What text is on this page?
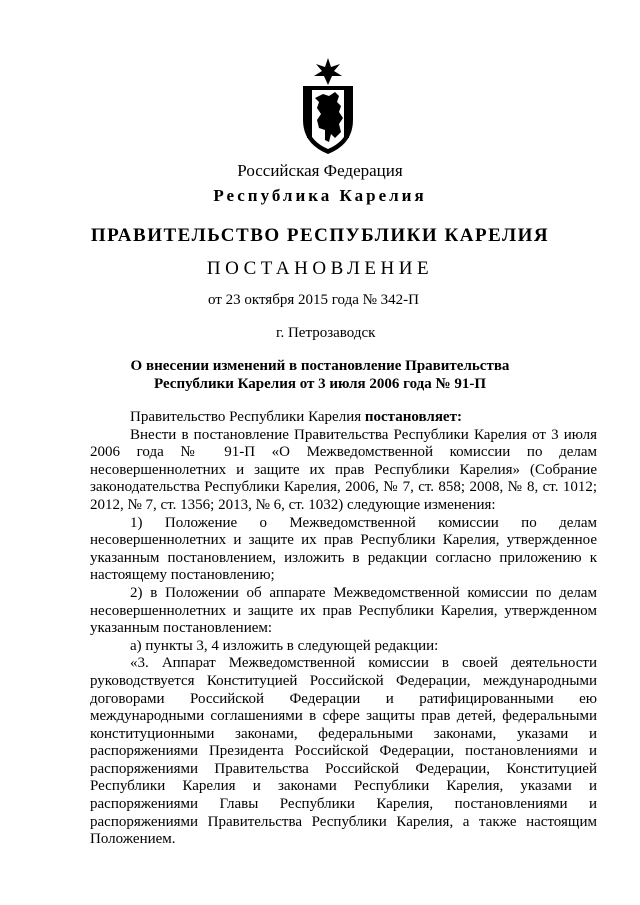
Российская Федерация
Республика Карелия
ПРАВИТЕЛЬСТВО РЕСПУБЛИКИ КАРЕЛИЯ
ПОСТАНОВЛЕНИЕ
от 23 октября 2015 года № 342-П
г. Петрозаводск
О внесении изменений в постановление Правительства
Республики Карелия от 3 июля 2006 года № 91-П

Правительство Республики Карелия постановляет:

Внести в постановление Правительства Республики Карелия от 3 июля 2006 года № 91-П «О Межведомственной комиссии по делам несовершеннолетних и защите их прав Республики Карелия» (Собрание законодательства Республики Карелия, 2006, № 7, ст. 858; 2008, № 8, ст. 1012; 2012, № 7, ст. 1356; 2013, № 6, ст. 1032) следующие изменения:

1) Положение о Межведомственной комиссии по делам несовершеннолетних и защите их прав Республики Карелия, утвержденное указанным постановлением, изложить в редакции согласно приложению к настоящему постановлению;

2) в Положении об аппарате Межведомственной комиссии по делам несовершеннолетних и защите их прав Республики Карелия, утвержденном указанным постановлением:

а) пункты 3, 4 изложить в следующей редакции:

«3. Аппарат Межведомственной комиссии в своей деятельности руководствуется Конституцией Российской Федерации, международными договорами Российской Федерации и ратифицированными ею международными соглашениями в сфере защиты прав детей, федеральными конституционными законами, федеральными законами, указами и распоряжениями Президента Российской Федерации, постановлениями и распоряжениями Правительства Российской Федерации, Конституцией Республики Карелия и законами Республики Карелия, указами и распоряжениями Главы Республики Карелия, постановлениями и распоряжениями Правительства Республики Карелия, а также настоящим Положением.
